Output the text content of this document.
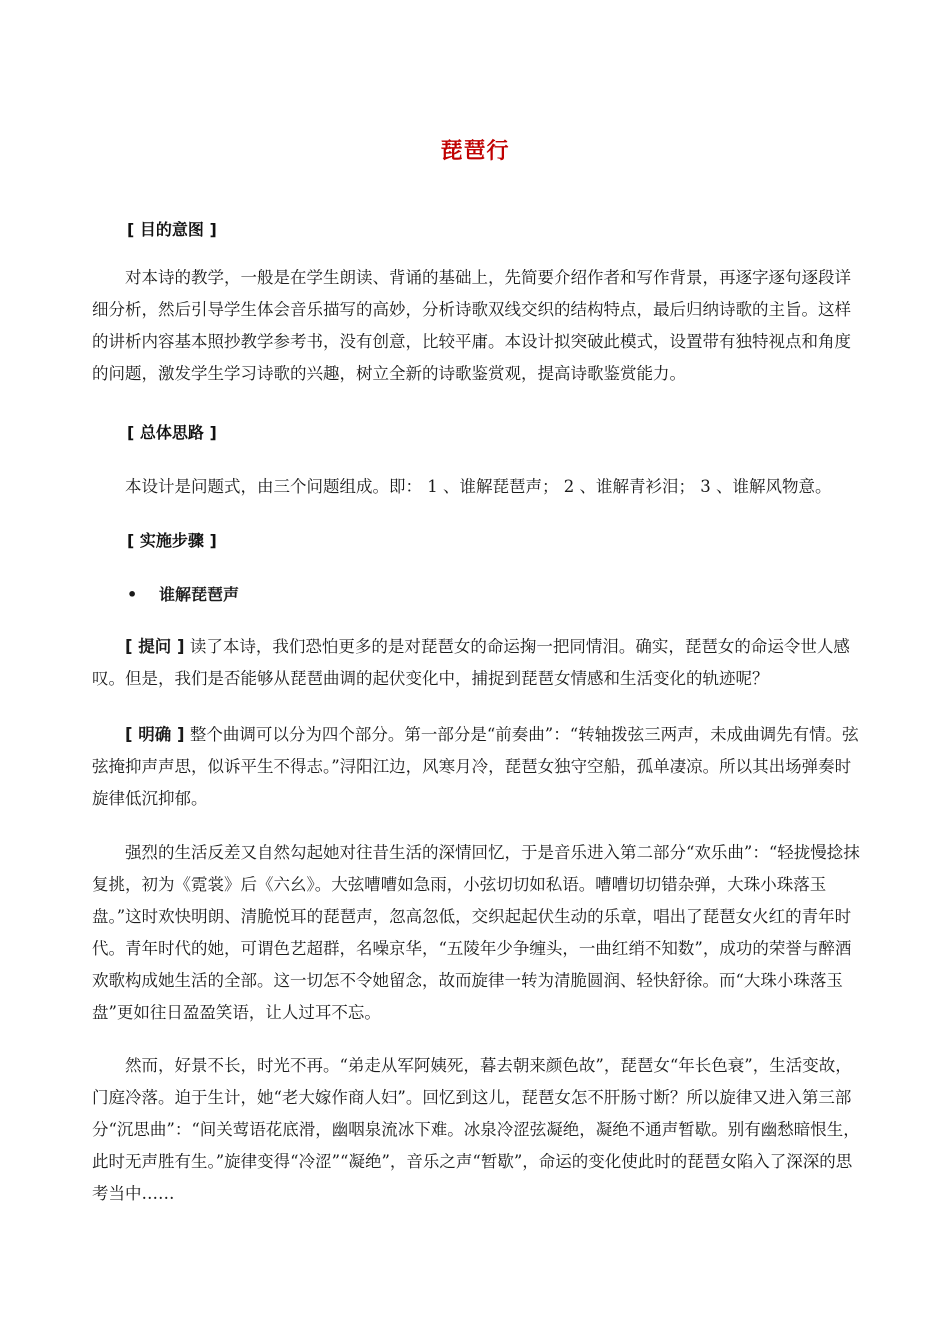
琵琶行
[ 目的意图 ]
对本诗的教学，一般是在学生朗读、背诵的基础上，先简要介绍作者和写作背景，再逐字逐句逐段详细分析，然后引导学生体会音乐描写的高妙，分析诗歌双线交织的结构特点，最后归纳诗歌的主旨。这样的讲析内容基本照抄教学参考书，没有创意，比较平庸。本设计拟突破此模式，设置带有独特视点和角度的问题，激发学生学习诗歌的兴趣，树立全新的诗歌鉴赏观，提高诗歌鉴赏能力。
[ 总体思路 ]
本设计是问题式，由三个问题组成。即： 1 、谁解琵琶声； 2 、谁解青衫泪； 3 、谁解风物意。
[ 实施步骤 ]
• 谁解琵琶声
[ 提问 ] 读了本诗，我们恐怕更多的是对琵琶女的命运掬一把同情泪。确实，琵琶女的命运令世人感叹。但是，我们是否能够从琵琶曲调的起伏变化中，捕捉到琵琶女情感和生活变化的轨迹呢？
[ 明确 ] 整个曲调可以分为四个部分。第一部分是“前奏曲”：“转轴拨弦三两声，未成曲调先有情。弦弦掩抑声声思，似诉平生不得志。”浔阳江边，风寒月冷，琵琶女独守空船，孤单凄凉。所以其出场弹奏时旋律低沉抑郁。
强烈的生活反差又自然勾起她对往昔生活的深情回忆，于是音乐进入第二部分“欢乐曲”：“轻拢慢捻抹复挑，初为《霓裳》后《六幺》。大弦嘈嘈如急雨，小弦切切如私语。嘈嘈切切错杂弹，大珠小珠落玉盘。”这时欢快明朗、清脆悦耳的琵琶声，忽高忽低，交织起起伏生动的乐章，唱出了琵琶女火红的青年时代。青年时代的她，可谓色艺超群，名噪京华，“五陵年少争缠头，一曲红绡不知数”，成功的荣誉与醉酒欢歌构成她生活的全部。这一切怎不令她留念，故而旋律一转为清脆圆润、轻快舒徐。而“大珠小珠落玉盘”更如往日盈盈笑语，让人过耳不忘。
然而，好景不长，时光不再。“弟走从军阿姨死，暮去朝来颜色故”，琵琶女“年长色衰”，生活变故，门庭冷落。迫于生计，她“老大嫁作商人妇”。回忆到这儿，琵琶女怎不肝肠寸断？所以旋律又进入第三部分“沉思曲”：“间关莺语花底滑，幽咽泉流冰下难。冰泉冷涩弦凝绝，凝绝不通声暂歇。别有幽愁暗恨生，此时无声胜有生。”旋律变得“冷涩”“凝绝”，音乐之声“暂歇”，命运的变化使此时的琵琶女陷入了深深的思考当中……
